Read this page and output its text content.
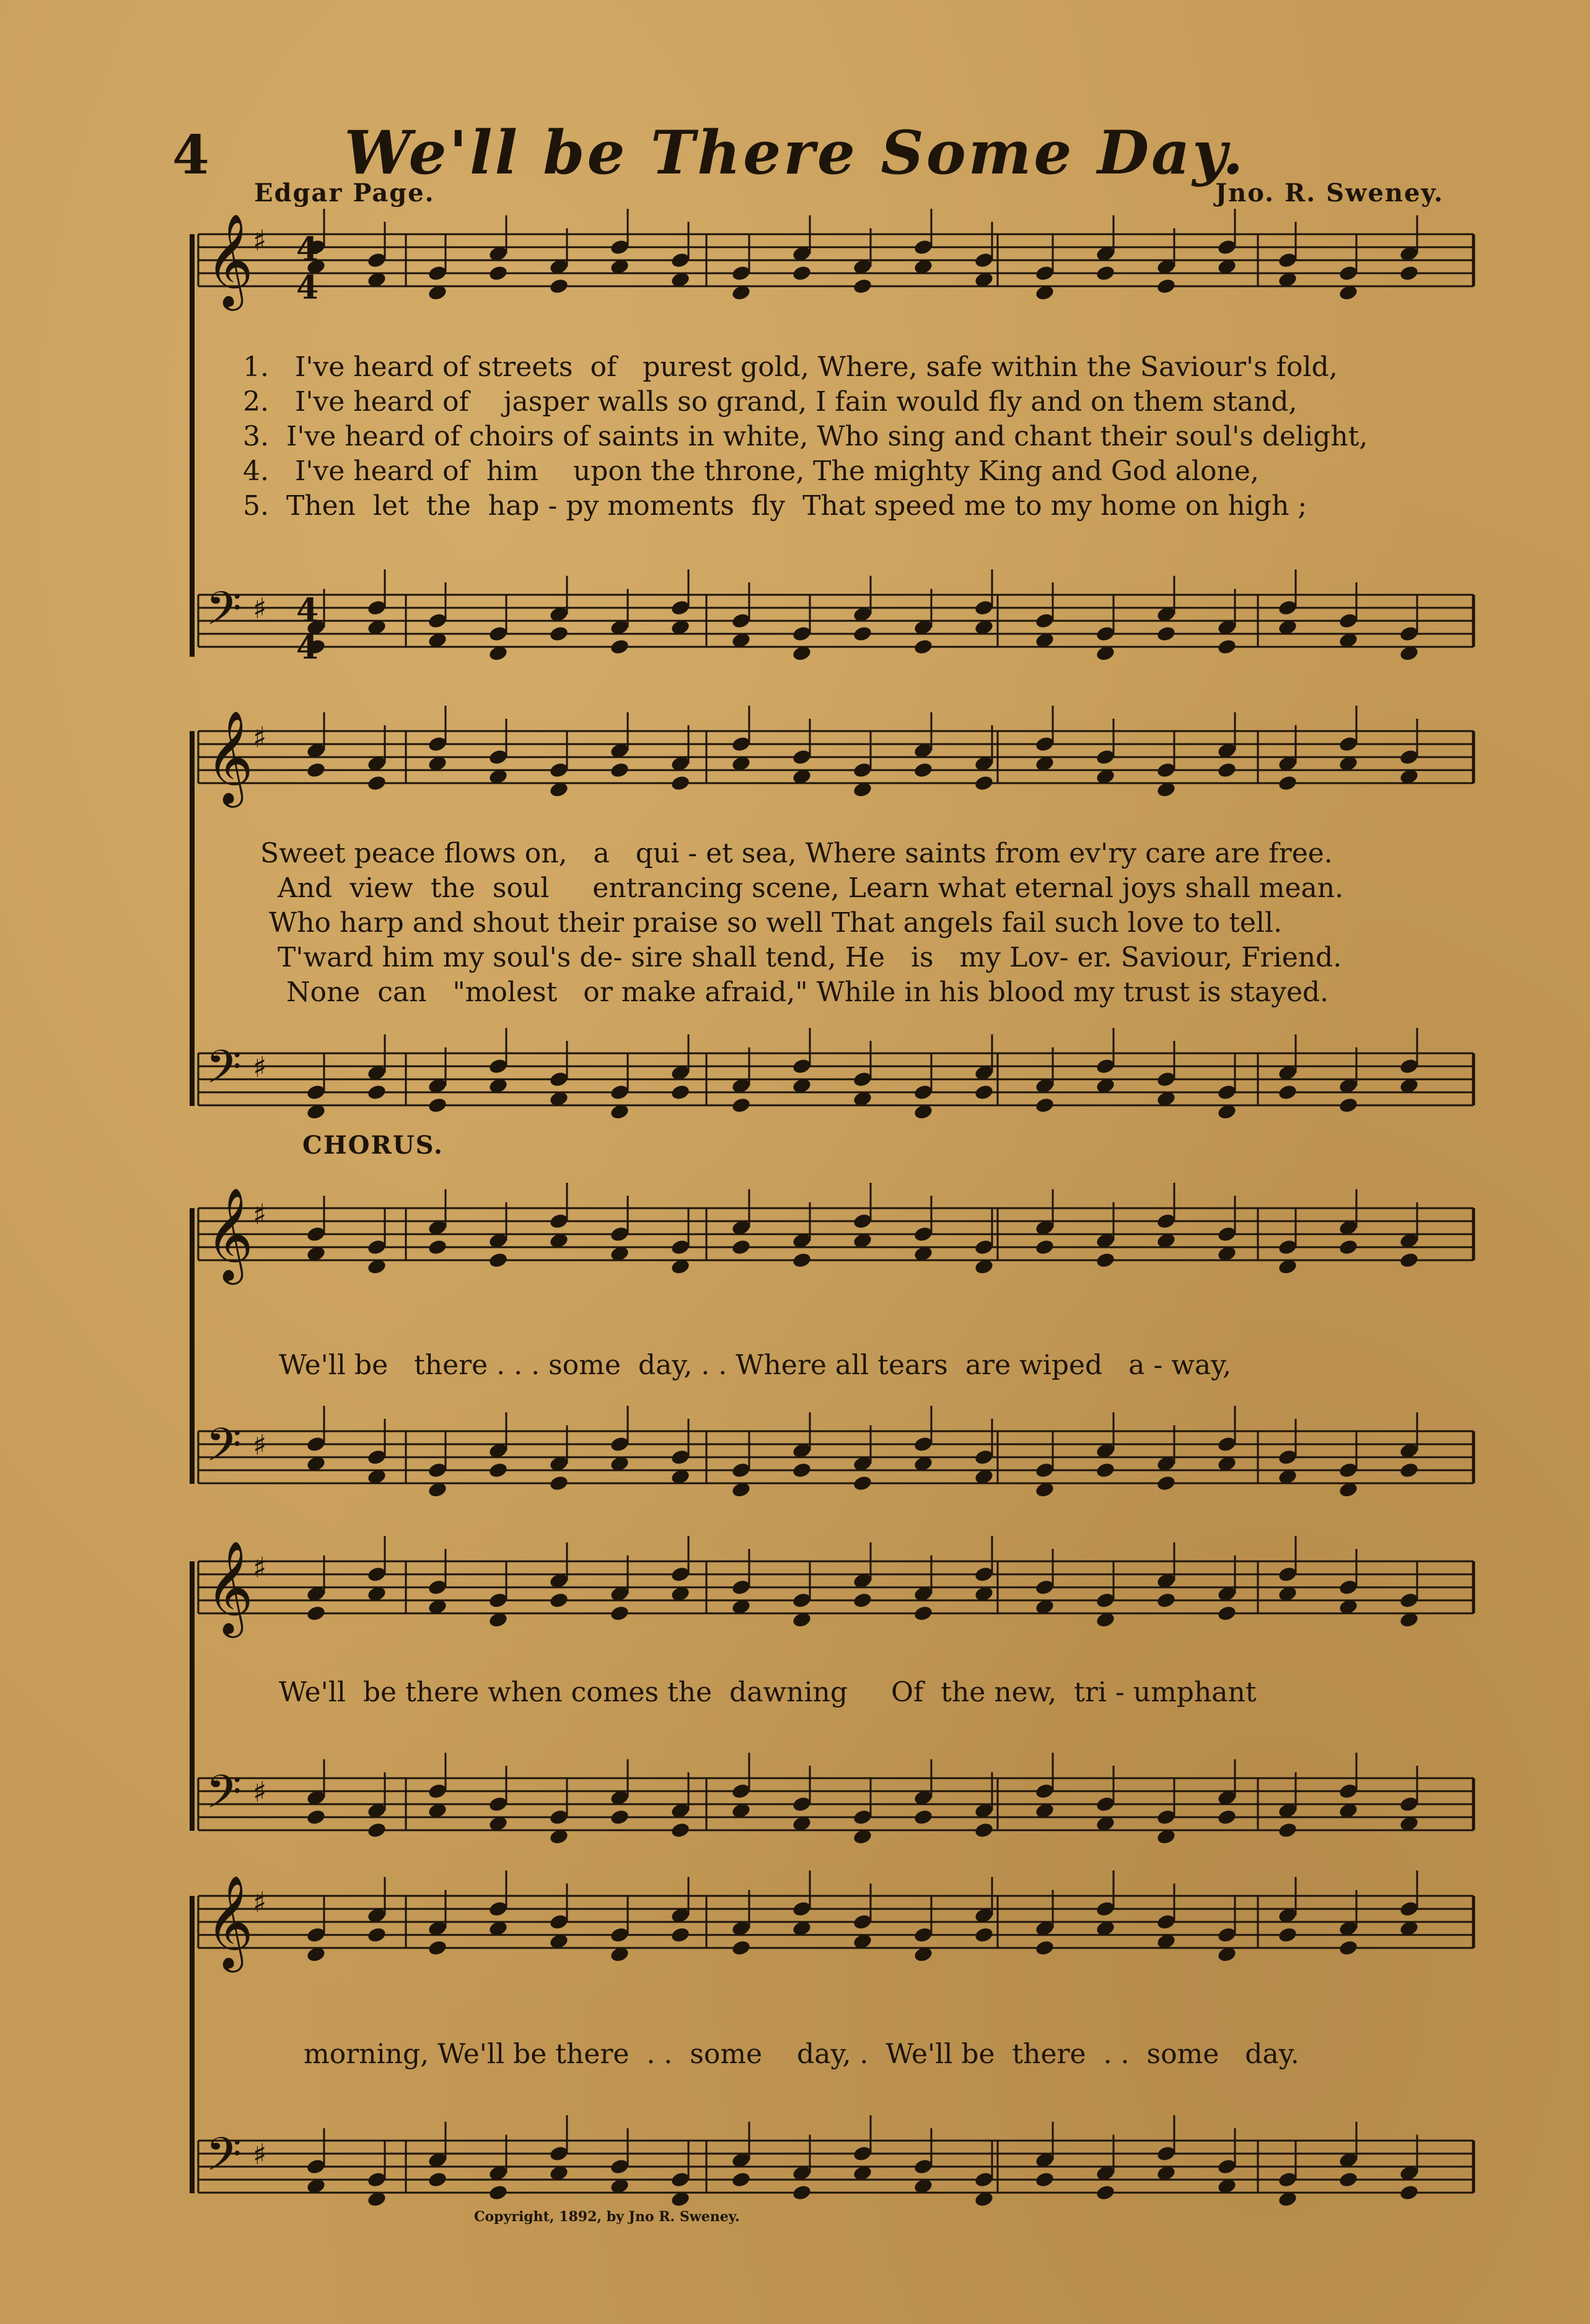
4	We'll be There Some Day.
Edgar Page.	Jno. R. Sweney.
𝄞 ♯
𝄢 ♯
𝄞 ♯
𝄢 ♯
𝄞 ♯
𝄢 ♯
𝄞 ♯
𝄢 ♯
𝄞 ♯
𝄢 ♯
4
4
4
4
1.   I've heard of streets  of   purest gold, Where, safe within the Saviour's fold,
2.   I've heard of    jasper walls so grand, I fain would fly and on them stand,
3.  I've heard of choirs of saints in white, Who sing and chant their soul's delight,
4.   I've heard of  him    upon the throne, The mighty King and God alone,
5.  Then  let  the  hap - py moments  fly  That speed me to my home on high ;
Sweet peace flows on,   a   qui - et sea, Where saints from ev'ry care are free.
And  view  the  soul     entrancing scene, Learn what eternal joys shall mean.
Who harp and shout their praise so well That angels fail such love to tell.
T'ward him my soul's de- sire shall tend, He   is   my Lov- er. Saviour, Friend.
None  can   "molest   or make afraid," While in his blood my trust is stayed.
CHORUS.
We'll be   there . . . some  day, . . Where all tears  are wiped   a - way,
We'll  be there when comes the  dawning     Of  the new,  tri - umphant
morning, We'll be there  . .  some    day, .  We'll be  there  . .  some   day.
Copyright, 1892, by Jno R. Sweney.
